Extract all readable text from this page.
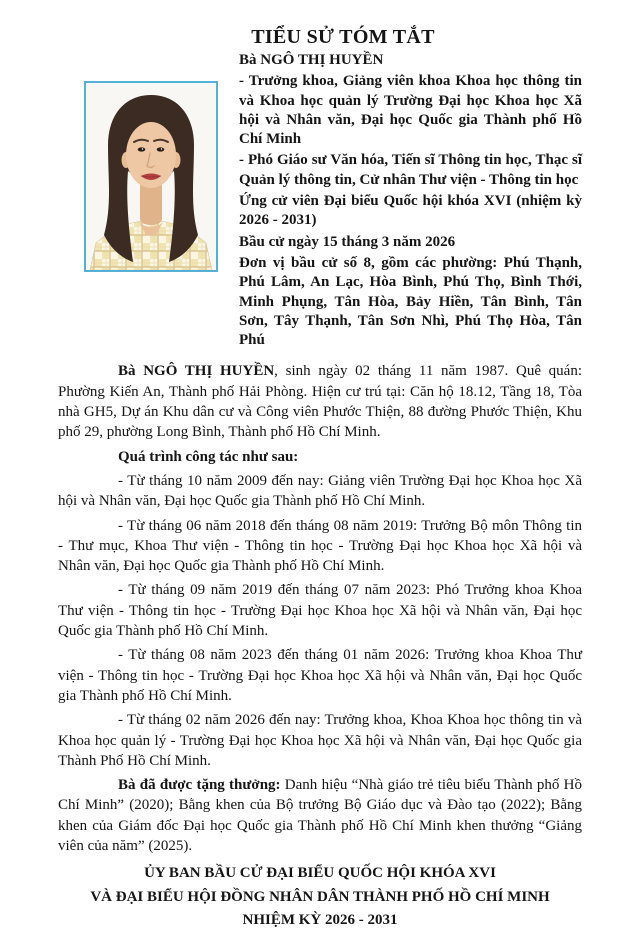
TIỂU SỬ TÓM TẮT

Bà NGÔ THỊ HUYỀN

- Trưởng khoa, Giảng viên khoa Khoa học thông tin và Khoa học quản lý Trường Đại học Khoa học Xã hội và Nhân văn, Đại học Quốc gia Thành phố Hồ Chí Minh

- Phó Giáo sư Văn hóa, Tiến sĩ Thông tin học, Thạc sĩ Quản lý thông tin, Cử nhân Thư viện - Thông tin học

Ứng cử viên Đại biểu Quốc hội khóa XVI (nhiệm kỳ 2026 - 2031)

Bầu cử ngày 15 tháng 3 năm 2026

Đơn vị bầu cử số 8, gồm các phường: Phú Thạnh, Phú Lâm, An Lạc, Hòa Bình, Phú Thọ, Bình Thới, Minh Phụng, Tân Hòa, Bảy Hiền, Tân Bình, Tân Sơn, Tây Thạnh, Tân Sơn Nhì, Phú Thọ Hòa, Tân Phú

Bà NGÔ THỊ HUYỀN, sinh ngày 02 tháng 11 năm 1987. Quê quán: Phường Kiến An, Thành phố Hải Phòng. Hiện cư trú tại: Căn hộ 18.12, Tầng 18, Tòa nhà GH5, Dự án Khu dân cư và Công viên Phước Thiện, 88 đường Phước Thiện, Khu phố 29, phường Long Bình, Thành phố Hồ Chí Minh.

Quá trình công tác như sau:

- Từ tháng 10 năm 2009 đến nay: Giảng viên Trường Đại học Khoa học Xã hội và Nhân văn, Đại học Quốc gia Thành phố Hồ Chí Minh.

- Từ tháng 06 năm 2018 đến tháng 08 năm 2019: Trưởng Bộ môn Thông tin - Thư mục, Khoa Thư viện - Thông tin học - Trường Đại học Khoa học Xã hội và Nhân văn, Đại học Quốc gia Thành phố Hồ Chí Minh.

- Từ tháng 09 năm 2019 đến tháng 07 năm 2023: Phó Trưởng khoa Khoa Thư viện - Thông tin học - Trường Đại học Khoa học Xã hội và Nhân văn, Đại học Quốc gia Thành phố Hồ Chí Minh.

- Từ tháng 08 năm 2023 đến tháng 01 năm 2026: Trưởng khoa Khoa Thư viện - Thông tin học - Trường Đại học Khoa học Xã hội và Nhân văn, Đại học Quốc gia Thành phố Hồ Chí Minh.

- Từ tháng 02 năm 2026 đến nay: Trưởng khoa, Khoa Khoa học thông tin và Khoa học quản lý - Trường Đại học Khoa học Xã hội và Nhân văn, Đại học Quốc gia Thành Phố Hồ Chí Minh.

Bà đã được tặng thưởng: Danh hiệu “Nhà giáo trẻ tiêu biểu Thành phố Hồ Chí Minh” (2020); Bằng khen của Bộ trưởng Bộ Giáo dục và Đào tạo (2022); Bằng khen của Giám đốc Đại học Quốc gia Thành phố Hồ Chí Minh khen thưởng “Giảng viên của năm” (2025).

ỦY BAN BẦU CỬ ĐẠI BIỂU QUỐC HỘI KHÓA XVI
VÀ ĐẠI BIỂU HỘI ĐỒNG NHÂN DÂN THÀNH PHỐ HỒ CHÍ MINH
NHIỆM KỲ 2026 - 2031
